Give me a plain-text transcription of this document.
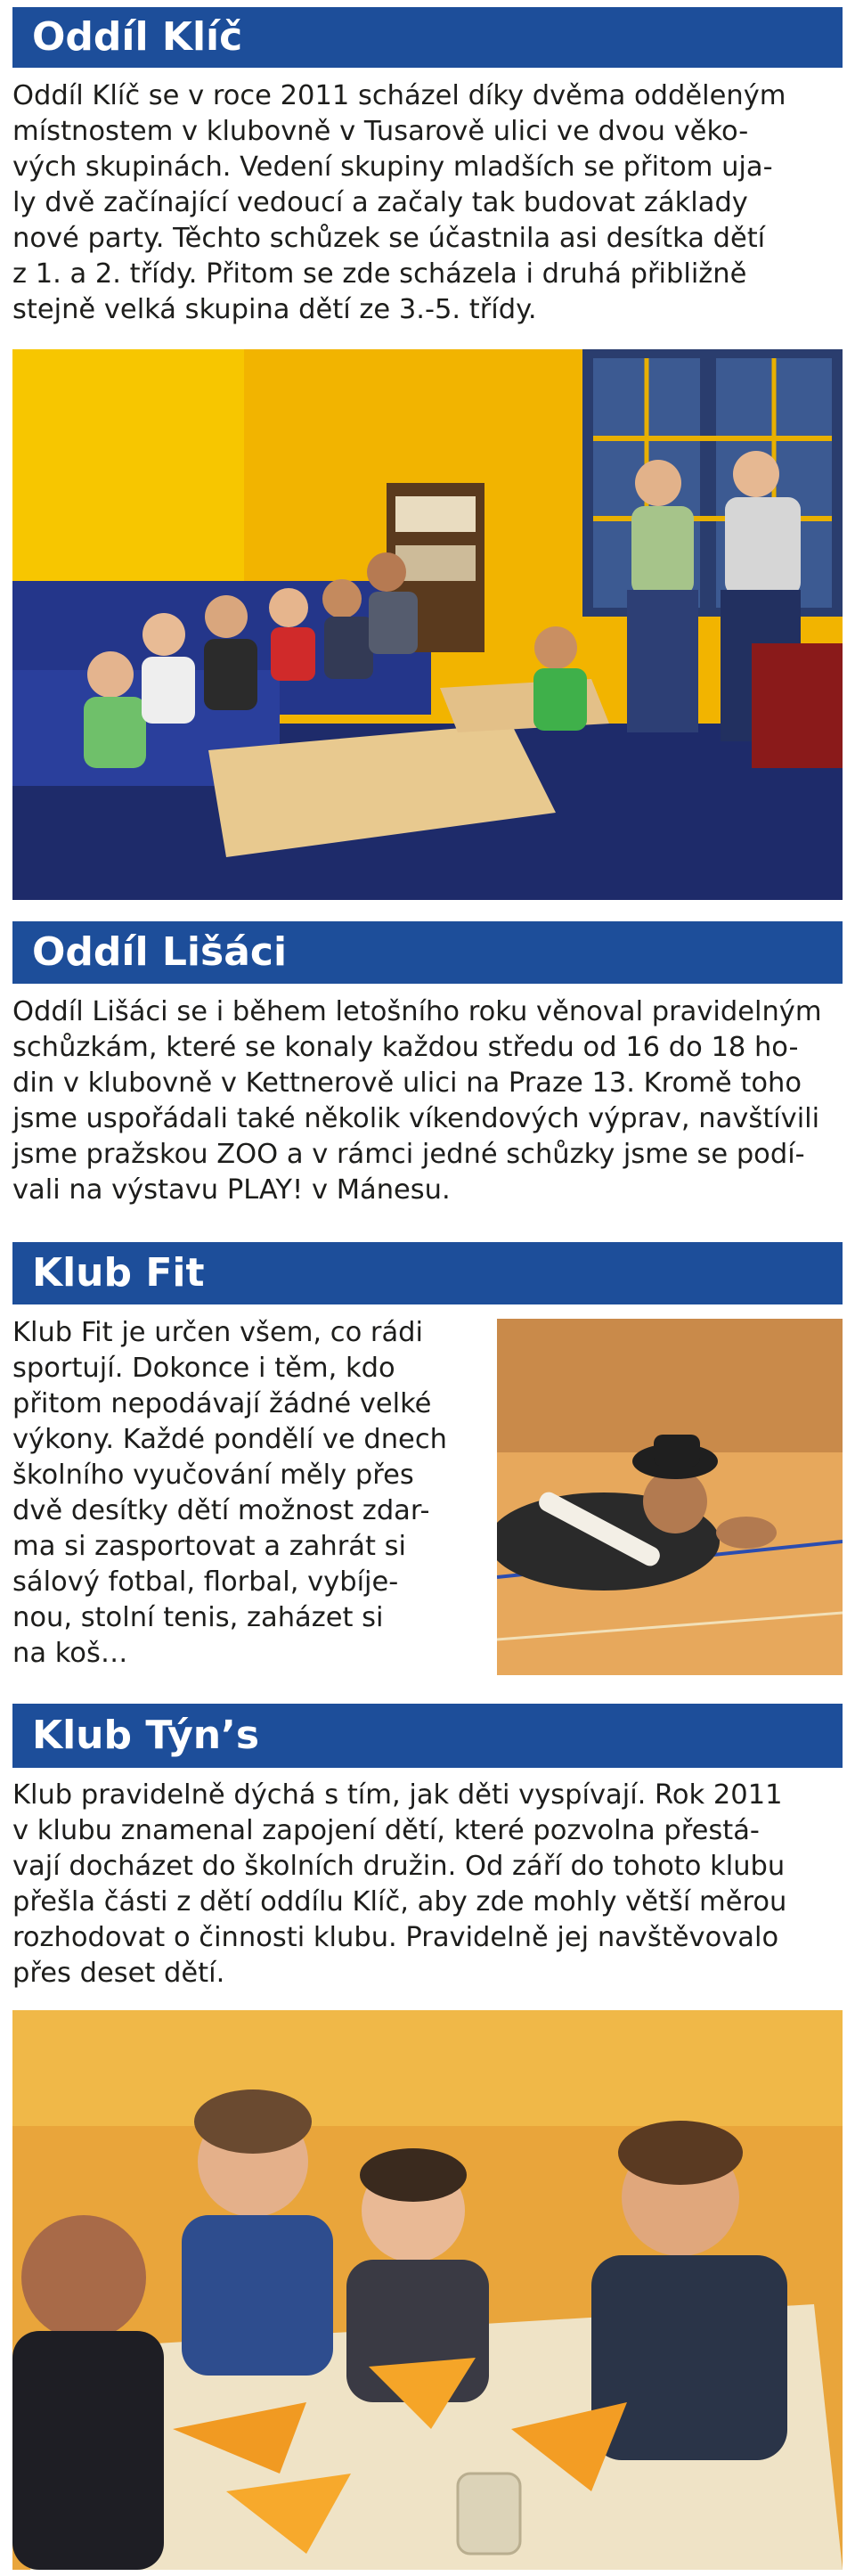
Oddíl Klíč
Oddíl Klíč se v roce 2011 scházel díky dvěma odděleným
místnostem v klubovně v Tusarově ulici ve dvou věko-
vých skupinách. Vedení skupiny mladších se přitom uja-
ly dvě začínající vedoucí a začaly tak budovat základy
nové party. Těchto schůzek se účastnila asi desítka dětí
z 1. a 2. třídy. Přitom se zde scházela i druhá přibližně
stejně velká skupina dětí ze 3.-5. třídy.
Oddíl Lišáci
Oddíl Lišáci se i během letošního roku věnoval pravidelným
schůzkám, které se konaly každou středu od 16 do 18 ho-
din v klubovně v Kettnerově ulici na Praze 13. Kromě toho
jsme uspořádali také několik víkendových výprav, navštívili
jsme pražskou ZOO a v rámci jedné schůzky jsme se podí-
vali na výstavu PLAY! v Mánesu.
Klub Fit
Klub Fit je určen všem, co rádi
sportují. Dokonce i těm, kdo
přitom nepodávají žádné velké
výkony. Každé pondělí ve dnech
školního vyučování měly přes
dvě desítky dětí možnost zdar-
ma si zasportovat a zahrát si
sálový fotbal, florbal, vybíje-
nou, stolní tenis, zaházet si
na koš…
Klub Týn’s
Klub pravidelně dýchá s tím, jak děti vyspívají. Rok 2011
v klubu znamenal zapojení dětí, které pozvolna přestá-
vají docházet do školních družin. Od září do tohoto klubu
přešla části z dětí oddílu Klíč, aby zde mohly větší měrou
rozhodovat o činnosti klubu. Pravidelně jej navštěvovalo
přes deset dětí.
